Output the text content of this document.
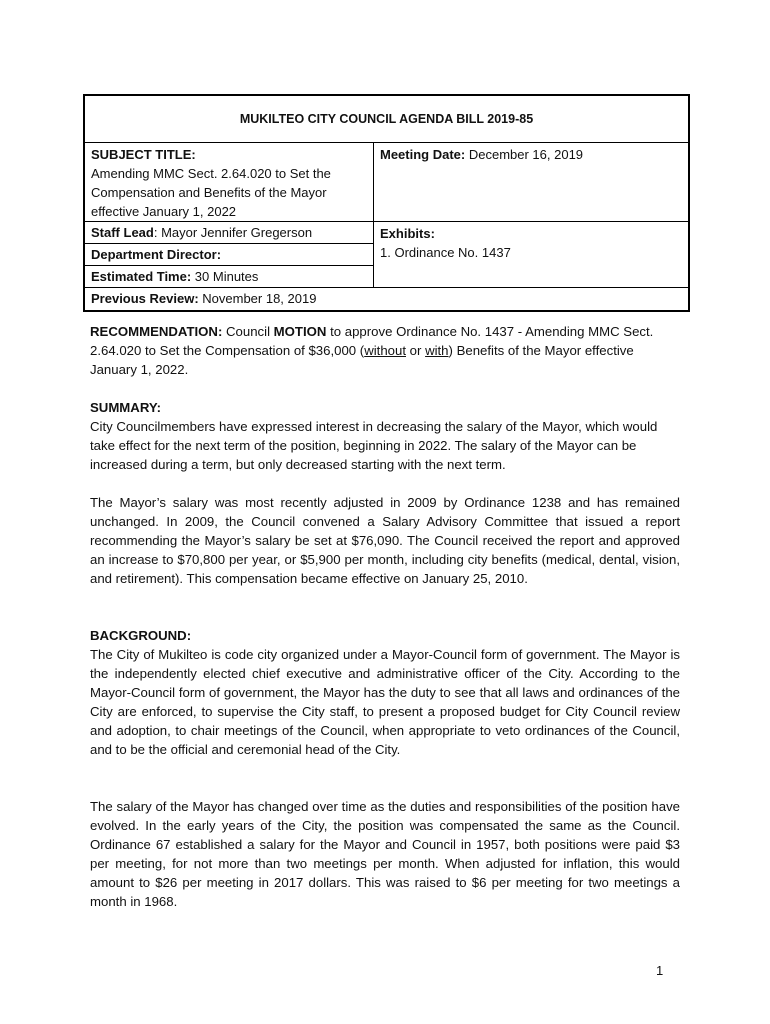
MUKILTEO CITY COUNCIL AGENDA BILL 2019-85
SUBJECT TITLE:
Amending MMC Sect. 2.64.020 to Set the Compensation and Benefits of the Mayor effective January 1, 2022
Meeting Date: December 16, 2019
Staff Lead: Mayor Jennifer Gregerson
Department Director:
Estimated Time: 30 Minutes
Exhibits:
1. Ordinance No. 1437
Previous Review: November 18, 2019
RECOMMENDATION: Council MOTION to approve Ordinance No. 1437 - Amending MMC Sect. 2.64.020 to Set the Compensation of $36,000 (without or with) Benefits of the Mayor effective January 1, 2022.
SUMMARY:
City Councilmembers have expressed interest in decreasing the salary of the Mayor, which would take effect for the next term of the position, beginning in 2022. The salary of the Mayor can be increased during a term, but only decreased starting with the next term.
The Mayor’s salary was most recently adjusted in 2009 by Ordinance 1238 and has remained unchanged. In 2009, the Council convened a Salary Advisory Committee that issued a report recommending the Mayor’s salary be set at $76,090. The Council received the report and approved an increase to $70,800 per year, or $5,900 per month, including city benefits (medical, dental, vision, and retirement). This compensation became effective on January 25, 2010.
BACKGROUND:
The City of Mukilteo is code city organized under a Mayor-Council form of government. The Mayor is the independently elected chief executive and administrative officer of the City. According to the Mayor-Council form of government, the Mayor has the duty to see that all laws and ordinances of the City are enforced, to supervise the City staff, to present a proposed budget for City Council review and adoption, to chair meetings of the Council, when appropriate to veto ordinances of the Council, and to be the official and ceremonial head of the City.
The salary of the Mayor has changed over time as the duties and responsibilities of the position have evolved. In the early years of the City, the position was compensated the same as the Council. Ordinance 67 established a salary for the Mayor and Council in 1957, both positions were paid $3 per meeting, for not more than two meetings per month. When adjusted for inflation, this would amount to $26 per meeting in 2017 dollars. This was raised to $6 per meeting for two meetings a month in 1968.
1
